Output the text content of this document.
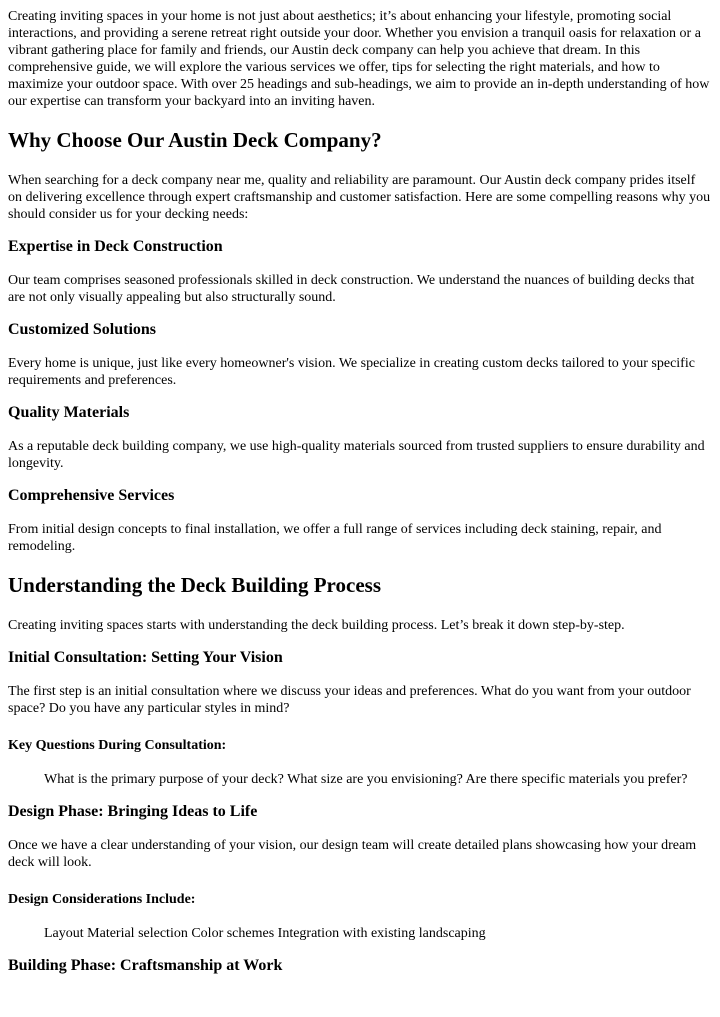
Creating inviting spaces in your home is not just about aesthetics; it’s about enhancing your lifestyle, promoting social interactions, and providing a serene retreat right outside your door. Whether you envision a tranquil oasis for relaxation or a vibrant gathering place for family and friends, our Austin deck company can help you achieve that dream. In this comprehensive guide, we will explore the various services we offer, tips for selecting the right materials, and how to maximize your outdoor space. With over 25 headings and sub-headings, we aim to provide an in-depth understanding of how our expertise can transform your backyard into an inviting haven.

Why Choose Our Austin Deck Company?

When searching for a deck company near me, quality and reliability are paramount. Our Austin deck company prides itself on delivering excellence through expert craftsmanship and customer satisfaction. Here are some compelling reasons why you should consider us for your decking needs:

Expertise in Deck Construction

Our team comprises seasoned professionals skilled in deck construction. We understand the nuances of building decks that are not only visually appealing but also structurally sound.

Customized Solutions

Every home is unique, just like every homeowner's vision. We specialize in creating custom decks tailored to your specific requirements and preferences.

Quality Materials

As a reputable deck building company, we use high-quality materials sourced from trusted suppliers to ensure durability and longevity.

Comprehensive Services

From initial design concepts to final installation, we offer a full range of services including deck staining, repair, and remodeling.

Understanding the Deck Building Process

Creating inviting spaces starts with understanding the deck building process. Let’s break it down step-by-step.

Initial Consultation: Setting Your Vision

The first step is an initial consultation where we discuss your ideas and preferences. What do you want from your outdoor space? Do you have any particular styles in mind?

Key Questions During Consultation:
What is the primary purpose of your deck? What size are you envisioning? Are there specific materials you prefer?
Design Phase: Bringing Ideas to Life

Once we have a clear understanding of your vision, our design team will create detailed plans showcasing how your dream deck will look.

Design Considerations Include:
Layout Material selection Color schemes Integration with existing landscaping
Building Phase: Craftsmanship at Work
